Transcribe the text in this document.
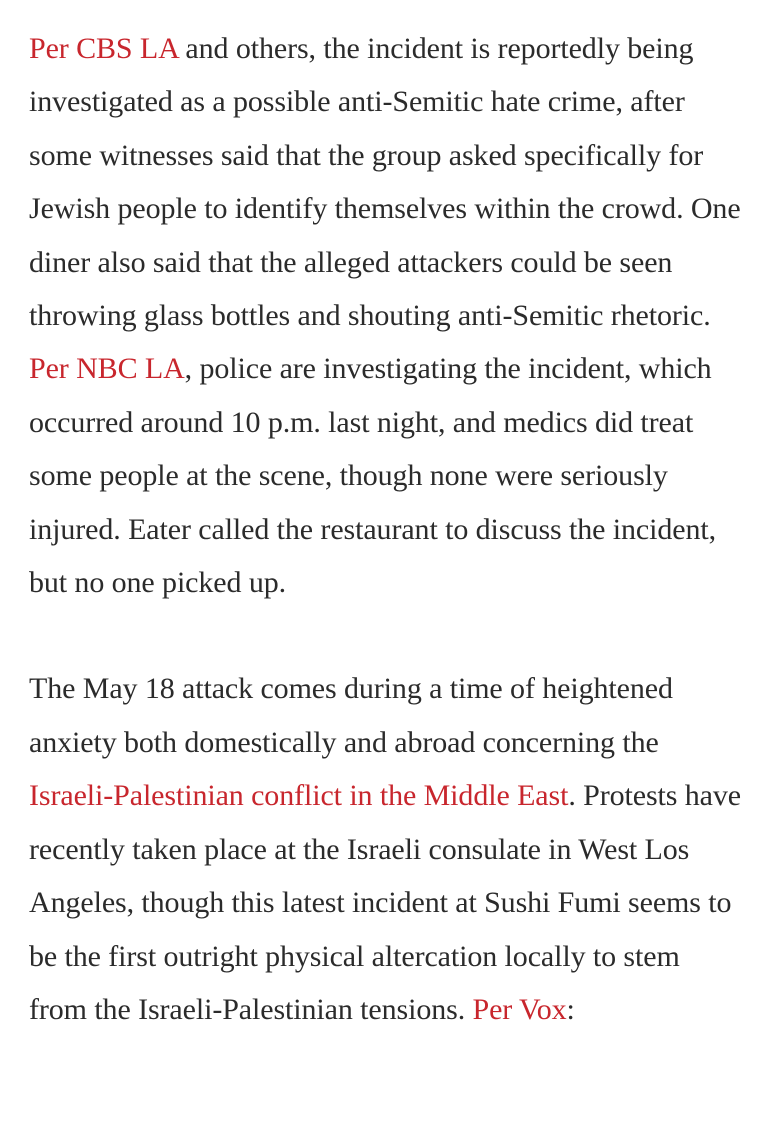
Per CBS LA and others, the incident is reportedly being investigated as a possible anti-Semitic hate crime, after some witnesses said that the group asked specifically for Jewish people to identify themselves within the crowd. One diner also said that the alleged attackers could be seen throwing glass bottles and shouting anti-Semitic rhetoric. Per NBC LA, police are investigating the incident, which occurred around 10 p.m. last night, and medics did treat some people at the scene, though none were seriously injured. Eater called the restaurant to discuss the incident, but no one picked up.

The May 18 attack comes during a time of heightened anxiety both domestically and abroad concerning the Israeli-Palestinian conflict in the Middle East. Protests have recently taken place at the Israeli consulate in West Los Angeles, though this latest incident at Sushi Fumi seems to be the first outright physical altercation locally to stem from the Israeli-Palestinian tensions. Per Vox:
